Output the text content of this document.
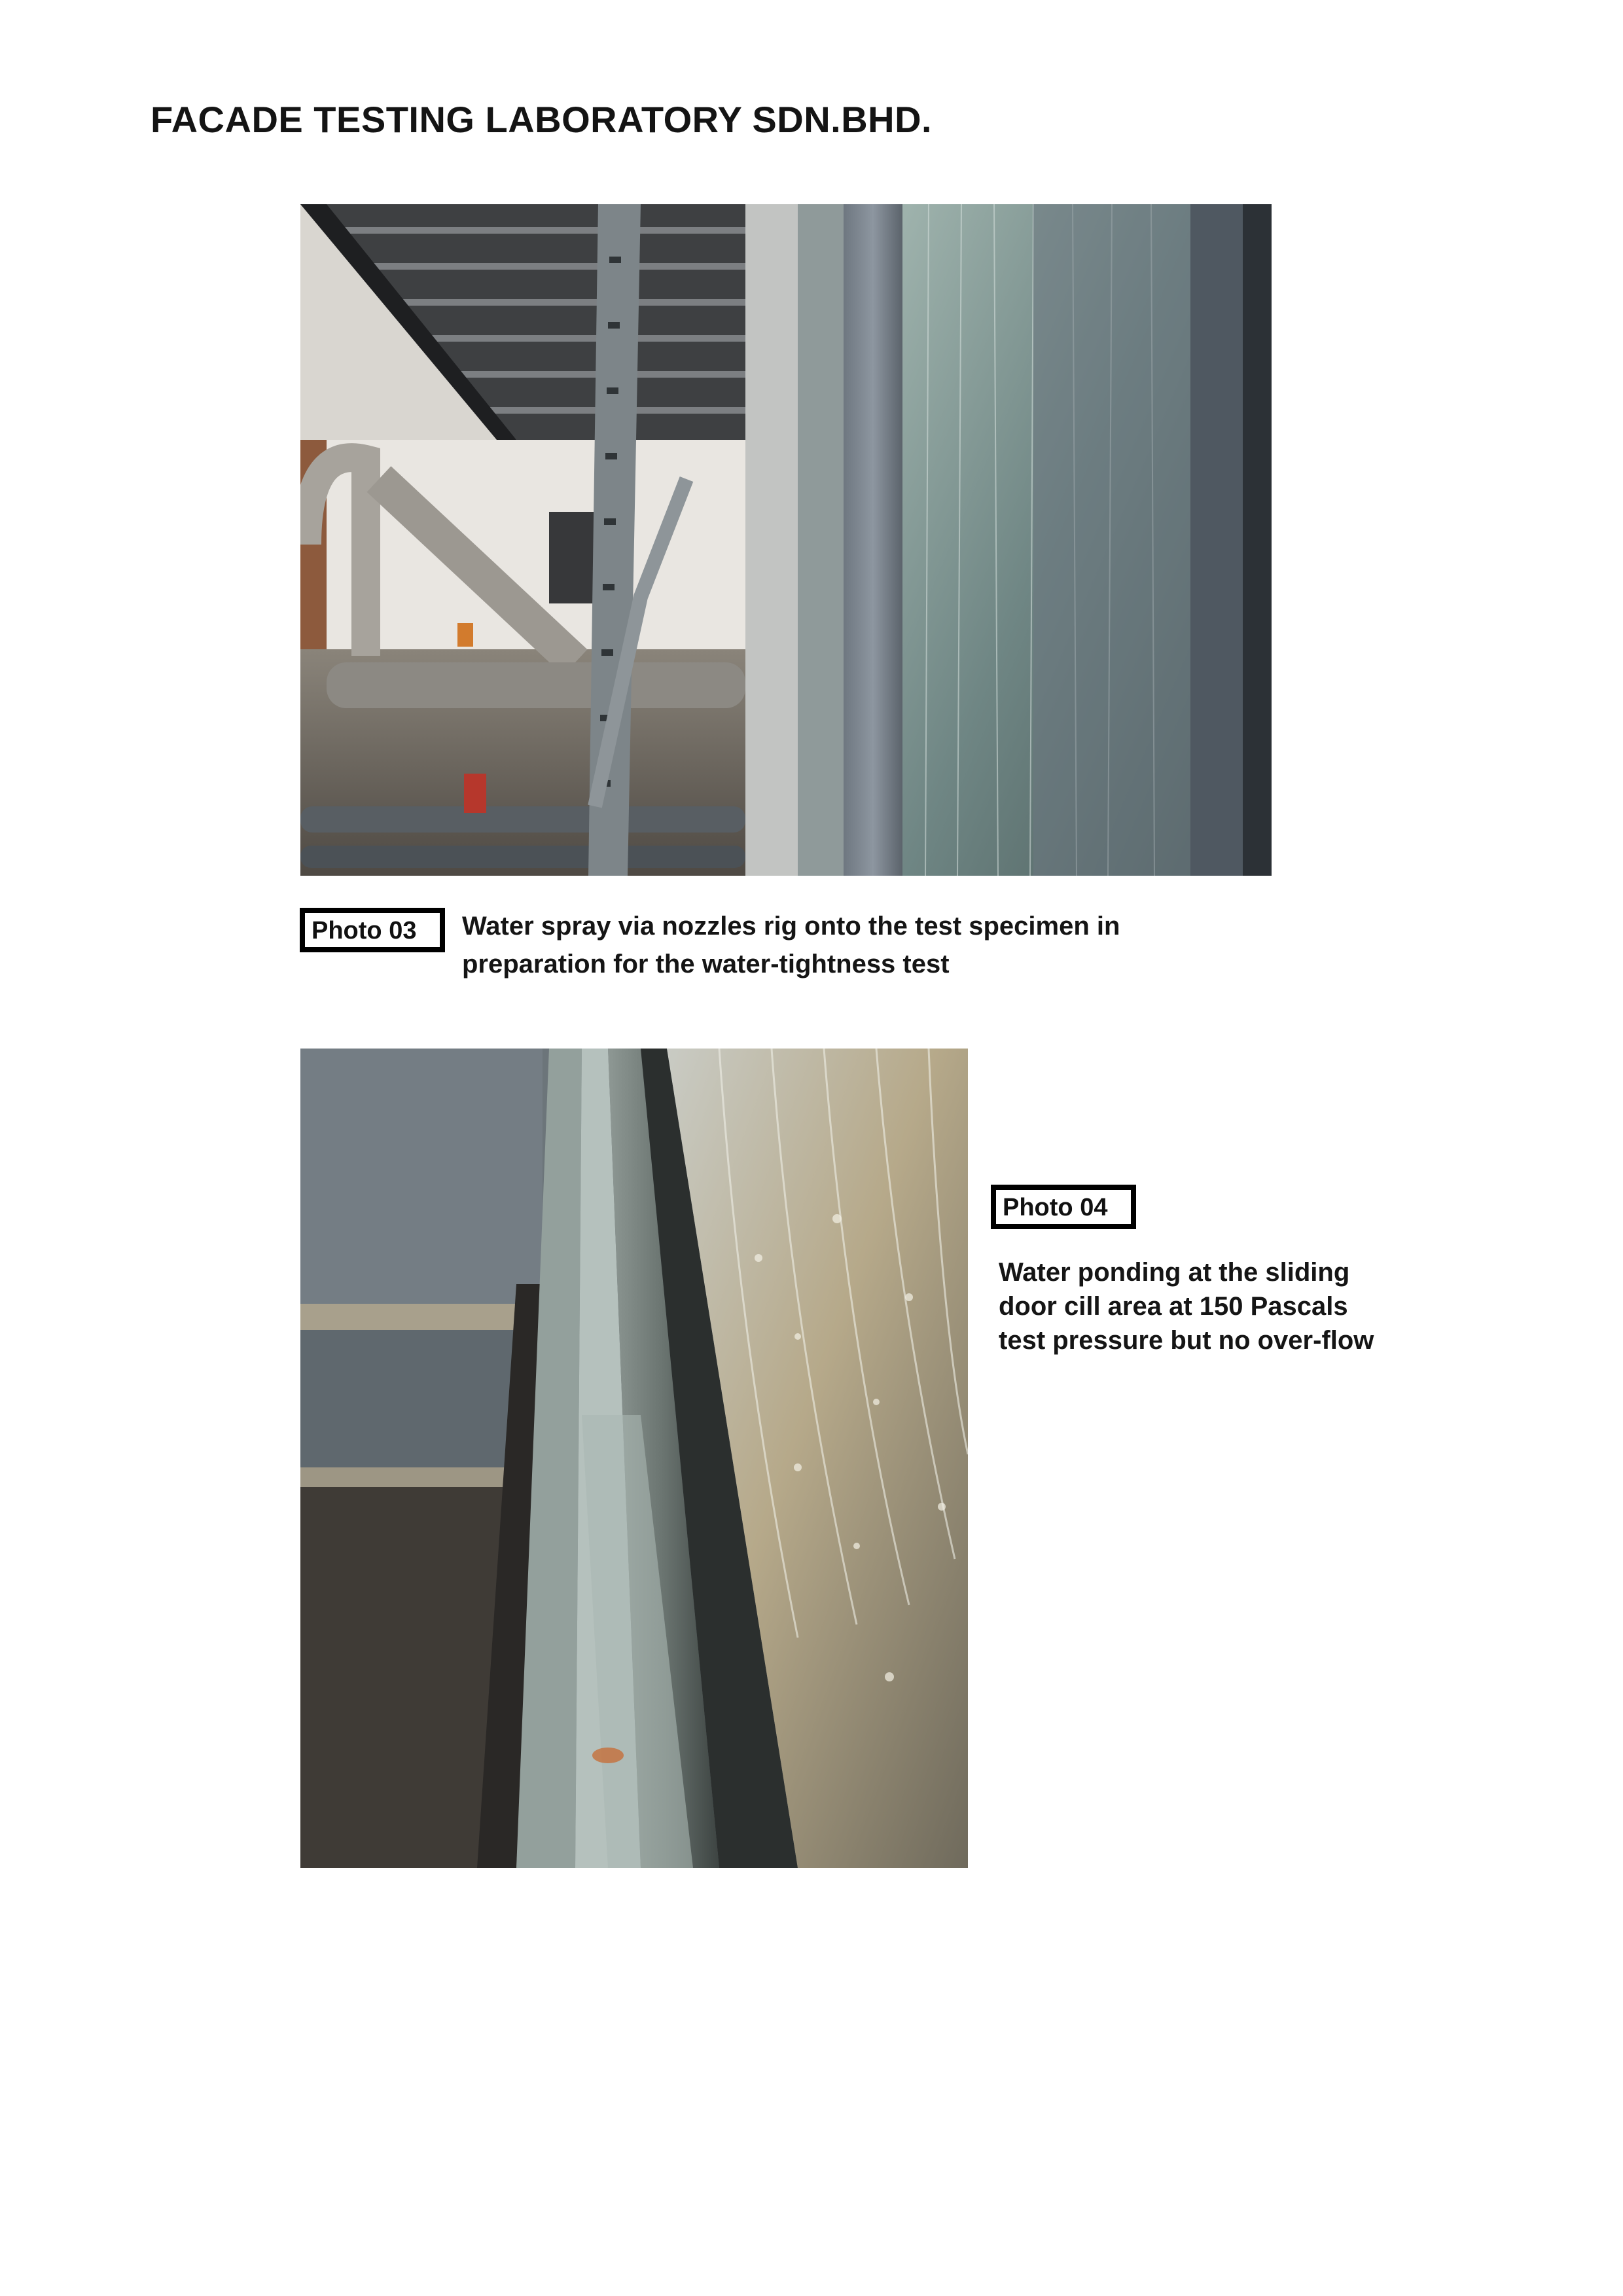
FACADE TESTING LABORATORY SDN.BHD.
Photo 03	Water spray via nozzles rig onto the test specimen in
preparation for the water-tightness test
Photo 04
Water ponding at the sliding
door cill area at 150 Pascals
test pressure but no over-flow
